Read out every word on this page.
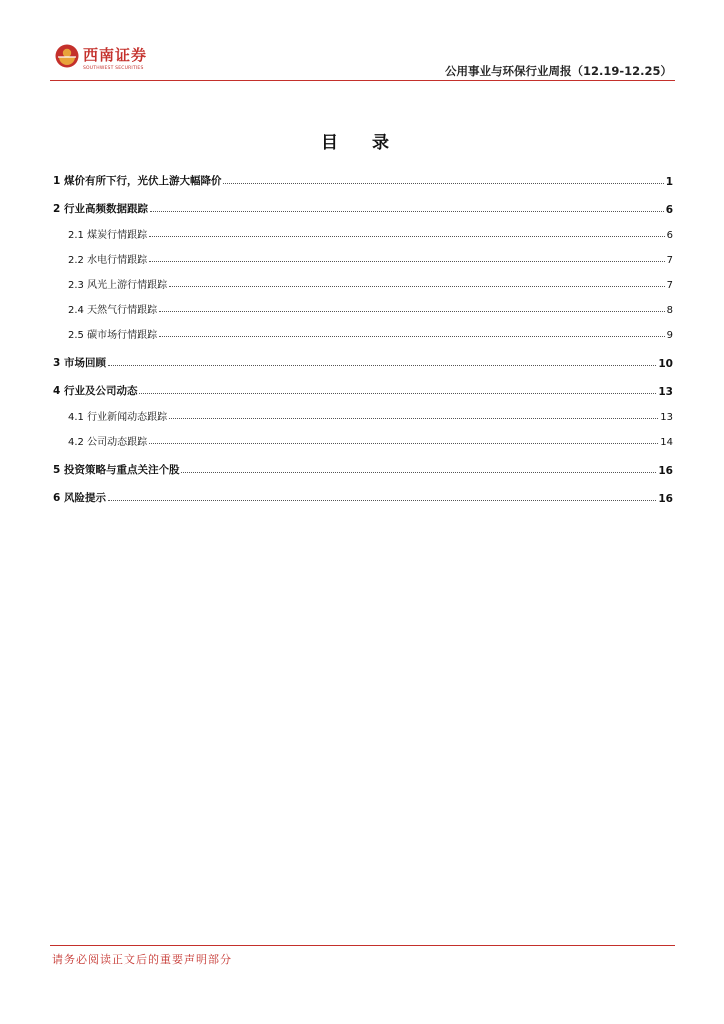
西南证券
SOUTHWEST SECURITIES	公用事业与环保行业周报（12.19-12.25）
目 录
1 煤价有所下行，光伏上游大幅降价	1
2 行业高频数据跟踪	6
2.1 煤炭行情跟踪	6
2.2 水电行情跟踪	7
2.3 风光上游行情跟踪	7
2.4 天然气行情跟踪	8
2.5 碳市场行情跟踪	9
3 市场回顾	10
4 行业及公司动态	13
4.1 行业新闻动态跟踪	13
4.2 公司动态跟踪	14
5 投资策略与重点关注个股	16
6 风险提示	16
请务必阅读正文后的重要声明部分
